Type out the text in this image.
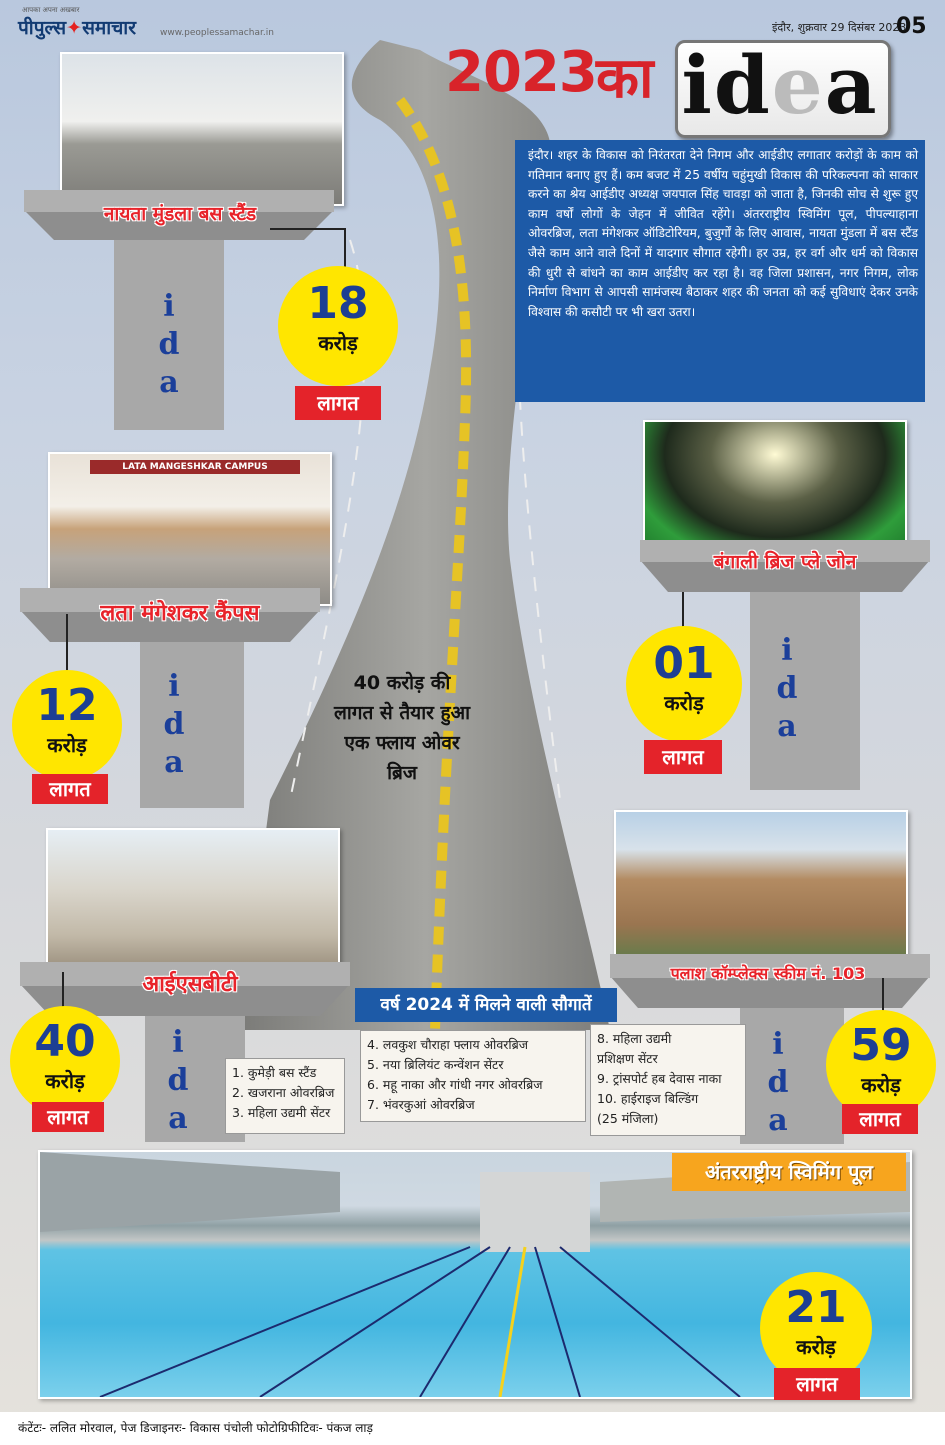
आपका अपना अखबार
पीपुल्स✦समाचार	www.peoplessamachar.in	इंदौर, शुक्रवार 29 दिसंबर 2023
05
2023 का idea
इंदौर। शहर के विकास को निरंतरता देने निगम और आईडीए लगातार करोड़ों के काम को गतिमान बनाए हुए हैं। कम बजट में 25 वर्षीय चहुंमुखी विकास की परिकल्पना को साकार करने का श्रेय आईडीए अध्यक्ष जयपाल सिंह चावड़ा को जाता है, जिनकी सोच से शुरू हुए काम वर्षों लोगों के जेहन में जीवित रहेंगे। अंतरराष्ट्रीय स्विमिंग पूल, पीपल्याहाना ओवरब्रिज, लता मंगेशकर ऑडिटोरियम, बुजुर्गों के लिए आवास, नायता मुंडला में बस स्टैंड जैसे काम आने वाले दिनों में यादगार सौगात रहेगी। हर उम्र, हर वर्ग और धर्म को विकास की धुरी से बांधने का काम आईडीए कर रहा है। वह जिला प्रशासन, नगर निगम, लोक निर्माण विभाग से आपसी सामंजस्य बैठाकर शहर की जनता को कई सुविधाएं देकर उनके विश्वास की कसौटी पर भी खरा उतरा।
नायता मुंडला बस स्टैंड
i
d
a
18
करोड़
लागत
LATA MANGESHKAR CAMPUS
लता मंगेशकर कैंपस
i
d
a
12
करोड़
लागत
बंगाली ब्रिज प्ले जोन
i
d
a
01
करोड़
लागत
40 करोड़ की लागत से तैयार हुआ एक फ्लाय ओवर ब्रिज
आईएसबीटी
i
d
a
40
करोड़
लागत
पलाश कॉम्प्लेक्स स्कीम नं. 103
i
d
a
59
करोड़
लागत
वर्ष 2024 में मिलने वाली सौगातें
1. कुमेड़ी बस स्टैंड
2. खजराना ओवरब्रिज
3. महिला उद्यमी सेंटर
4. लवकुश चौराहा फ्लाय ओवरब्रिज
5. नया ब्रिलियंट कन्वेंशन सेंटर
6. महू नाका और गांधी नगर ओवरब्रिज
7. भंवरकुआं ओवरब्रिज
8. महिला उद्यमी
प्रशिक्षण सेंटर
9. ट्रांसपोर्ट हब देवास नाका
10. हाईराइज बिल्डिंग
(25 मंजिला)
अंतरराष्ट्रीय स्विमिंग पूल
21
करोड़
लागत
कंटेंटः- ललित मोरवाल, पेज डिजाइनरः- विकास पंचोली फोटोग्रिफीटिवः- पंकज लाड़
